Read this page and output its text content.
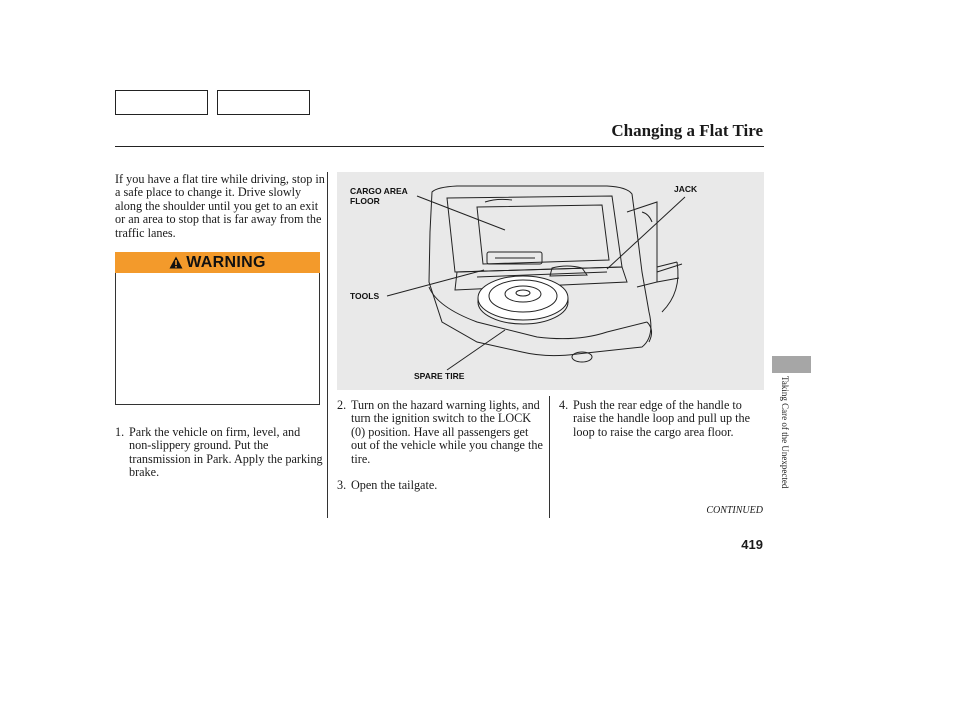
Changing a Flat Tire
If you have a flat tire while driving, stop in a safe place to change it. Drive slowly along the shoulder until you get to an exit or an area to stop that is far away from the traffic lanes.
WARNING
1. Park the vehicle on firm, level, and non-slippery ground. Put the transmission in Park. Apply the parking brake.
CARGO AREA
FLOOR
JACK
TOOLS
SPARE TIRE
2. Turn on the hazard warning lights, and turn the ignition switch to the LOCK (0) position. Have all passengers get out of the vehicle while you change the tire.
3. Open the tailgate.
4. Push the rear edge of the handle to raise the handle loop and pull up the loop to raise the cargo area floor.	Taking Care of the Unexpected
CONTINUED
419
